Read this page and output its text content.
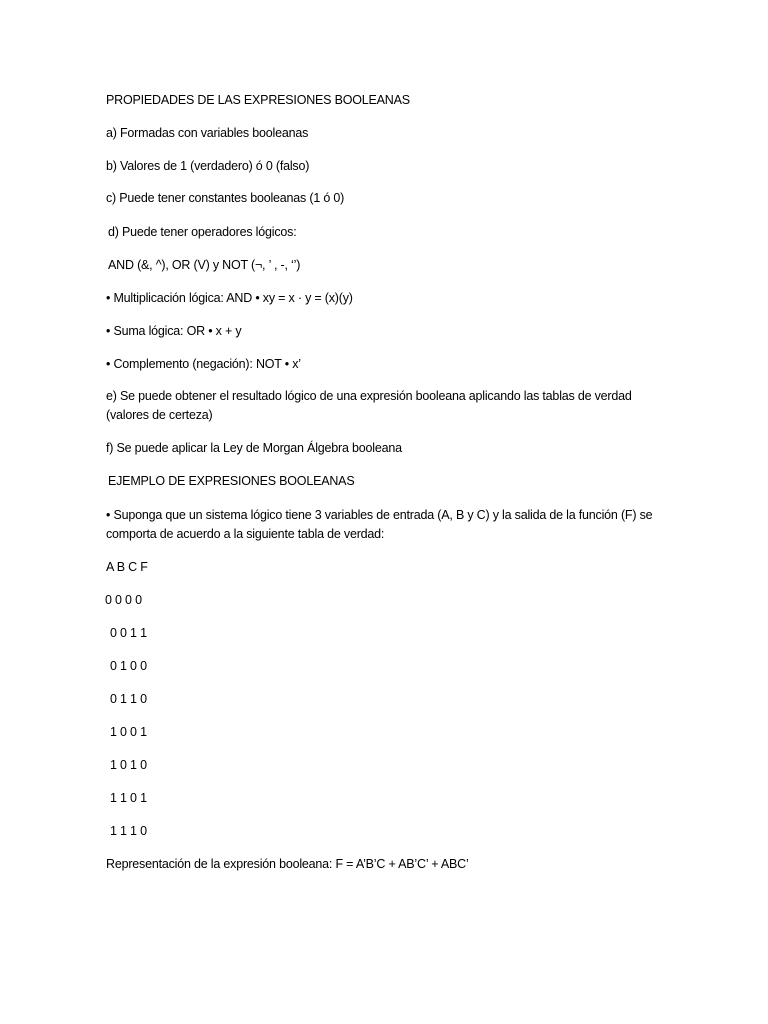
PROPIEDADES DE LAS EXPRESIONES BOOLEANAS
a) Formadas con variables booleanas
b) Valores de 1 (verdadero) ó 0 (falso)
c) Puede tener constantes booleanas (1 ó 0)
d) Puede tener operadores lógicos:
AND (&, ^), OR (V) y NOT (¬, ’ , -, ‘’)
• Multiplicación lógica: AND • xy = x · y = (x)(y)
• Suma lógica: OR • x + y
• Complemento (negación): NOT • x’
e) Se puede obtener el resultado lógico de una expresión booleana aplicando las tablas de verdad (valores de certeza)
f) Se puede aplicar la Ley de Morgan Álgebra booleana
EJEMPLO DE EXPRESIONES BOOLEANAS
• Suponga que un sistema lógico tiene 3 variables de entrada (A, B y C) y la salida de la función (F) se comporta de acuerdo a la siguiente tabla de verdad:
A B C F
0 0 0 0
0 0 1 1
0 1 0 0
0 1 1 0
1 0 0 1
1 0 1 0
1 1 0 1
1 1 1 0
Representación de la expresión booleana: F = A’B’C + AB’C’ + ABC’
